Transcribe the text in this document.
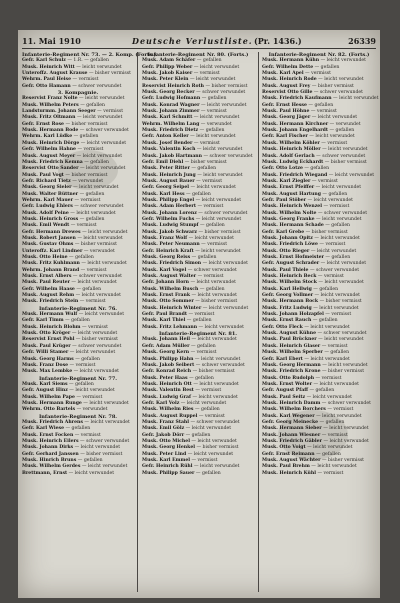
11. Mai 1910	Deutsche Verlustliste. (Pr. 1436.)	26339
Infanterie-Regiment Nr. 73. — 2. Komp. (Forts.)
Gefr. Karl Schulz — 1.R. — gefallen
Musk. Heinrich Witt — leicht verwundet
Unteroffz. August Krause — bisher vermisst
Wehrm. Paul Heise — vermisst
Gefr. Otto Hamann — schwer verwundet
3. Kompagnie.
Reservist Franz Nolte — leicht verwundet
Musk. Wilhelm Peters — gefallen
Landsturmm. Johann Seeger — vermisst
Musk. Fritz Oltmann — leicht verwundet
Gefr. Ernst Rose — bisher vermisst
Musk. Hermann Bode — schwer verwundet
Wehrm. Karl Lüdke — gefallen
Musk. Heinrich Dörge — leicht verwundet
Gefr. Wilhelm Hahne — vermisst
Musk. August Meyer — leicht verwundet
Musk. Friedrich Kemna — gefallen
Reservist Otto Sander — leicht verwundet
Musk. Paul Vogt — bisher vermisst
Gefr. Richard Tietz — verwundet
Musk. Georg Sieler — leicht verwundet
Musk. Walter Büttner — gefallen
Wehrm. Karl Mauer — vermisst
Gefr. Ludwig Ehlers — schwer verwundet
Musk. Adolf Peine — leicht verwundet
Musk. Heinrich Gross — gefallen
Musk. Emil Wendt — vermisst
Gefr. Hermann Drewes — leicht verwundet
Musk. Robert Jansen — leicht verwundet
Musk. Gustav Ohms — bisher vermisst
Unteroffz. Karl Lindner — verwundet
Musk. Otto Heine — gefallen
Musk. Fritz Kuhlmann — leicht verwundet
Wehrm. Johann Brand — vermisst
Musk. Ernst Albers — schwer verwundet
Musk. Paul Reuter — leicht verwundet
Gefr. Wilhelm Haase — gefallen
Musk. August Rehm — leicht verwundet
Musk. Friedrich Stein — vermisst
Infanterie-Regiment Nr. 76.
Musk. Hermann Wulf — leicht verwundet
Gefr. Karl Timm — gefallen
Musk. Heinrich Blohm — vermisst
Musk. Otto Kröger — leicht verwundet
Reservist Ernst Pohl — bisher vermisst
Musk. Paul Krüger — schwer verwundet
Gefr. Willi Stamer — leicht verwundet
Musk. Georg Harms — gefallen
Musk. Franz Dose — vermisst
Musk. Max Lembke — leicht verwundet
Infanterie-Regiment Nr. 77.
Musk. Karl Siems — gefallen
Gefr. August Hinz — leicht verwundet
Musk. Wilhelm Pape — vermisst
Musk. Hermann Runge — leicht verwundet
Wehrm. Otto Bartels — verwundet
Infanterie-Regiment Nr. 78.
Musk. Friedrich Ahrens — leicht verwundet
Gefr. Karl Wiese — gefallen
Musk. Ernst Focken — vermisst
Musk. Heinrich Eilers — schwer verwundet
Musk. Johann Dirks — leicht verwundet
Gefr. Gerhard Janssen — bisher vermisst
Musk. Hinrich Bruns — gefallen
Musk. Wilhelm Gerdes — leicht verwundet
Brettmann, Ernst — leicht verwundet
Infanterie-Regiment Nr. 80. (Forts.)
Musk. Adam Schäfer — gefallen
Gefr. Philipp Weber — leicht verwundet
Musk. Jakob Kaiser — vermisst
Musk. Peter Klein — leicht verwundet
Reservist Heinrich Roth — bisher vermisst
Musk. Georg Becker — schwer verwundet
Gefr. Ludwig Hofmann — gefallen
Musk. Konrad Wagner — leicht verwundet
Musk. Johann Zimmer — vermisst
Musk. Karl Schmitt — leicht verwundet
Wehrm. Wilhelm Lang — verwundet
Musk. Friedrich Dietz — gefallen
Gefr. Anton Keller — leicht verwundet
Musk. Josef Bender — vermisst
Musk. Valentin Koch — leicht verwundet
Musk. Jakob Hartmann — schwer verwundet
Gefr. Emil Diehl — bisher vermisst
Musk. Peter Ritter — gefallen
Musk. Heinrich Jung — leicht verwundet
Musk. August Bauer — vermisst
Gefr. Georg Seipel — leicht verwundet
Musk. Karl Hess — gefallen
Musk. Philipp Engel — leicht verwundet
Musk. Adam Herbert — vermisst
Musk. Johann Lorenz — schwer verwundet
Gefr. Wilhelm Fuchs — leicht verwundet
Musk. Ludwig Stumpf — gefallen
Musk. Jakob Schwarz — bisher vermisst
Musk. Franz Wolf — leicht verwundet
Musk. Peter Neumann — vermisst
Gefr. Heinrich Kraft — leicht verwundet
Musk. Georg Reiss — gefallen
Musk. Friedrich Simon — leicht verwundet
Musk. Karl Vogel — schwer verwundet
Musk. August Walter — vermisst
Gefr. Johann Horn — leicht verwundet
Musk. Wilhelm Busch — gefallen
Musk. Ernst Frank — leicht verwundet
Musk. Otto Sommer — bisher vermisst
Musk. Heinrich Winter — leicht verwundet
Gefr. Paul Brandt — vermisst
Musk. Karl Thiel — gefallen
Musk. Fritz Lehmann — leicht verwundet
Infanterie-Regiment Nr. 81.
Musk. Johann Heil — leicht verwundet
Gefr. Adam Müller — gefallen
Musk. Georg Kern — vermisst
Musk. Philipp Hahn — leicht verwundet
Musk. Jakob Seibert — schwer verwundet
Gefr. Konrad Reich — bisher vermisst
Musk. Peter Haas — gefallen
Musk. Heinrich Ott — leicht verwundet
Musk. Valentin Best — vermisst
Musk. Ludwig Graf — leicht verwundet
Gefr. Karl Volz — leicht verwundet
Musk. Wilhelm Ries — gefallen
Musk. August Ruppel — vermisst
Musk. Franz Stahl — schwer verwundet
Musk. Emil Gölz — leicht verwundet
Gefr. Jakob Dörr — gefallen
Musk. Otto Michel — leicht verwundet
Musk. Georg Henkel — bisher vermisst
Musk. Peter Lind — leicht verwundet
Musk. Karl Emmel — vermisst
Gefr. Heinrich Rühl — leicht verwundet
Musk. Philipp Sauer — gefallen
Infanterie-Regiment Nr. 82. (Forts.)
Musk. Hermann Kühn — leicht verwundet
Gefr. Wilhelm Dette — gefallen
Musk. Karl Apel — vermisst
Musk. Heinrich Rode — leicht verwundet
Musk. August Frey — bisher vermisst
Reservist Otto Gille — schwer verwundet
Musk. Friedrich Kaufmann — leicht verwundet
Gefr. Ernst Hesse — gefallen
Musk. Paul Höhne — vermisst
Musk. Georg Jäger — leicht verwundet
Musk. Hermann Kirchner — verwundet
Musk. Johann Engelhardt — gefallen
Gefr. Karl Fischer — leicht verwundet
Musk. Wilhelm Köhler — vermisst
Musk. Heinrich Möller — leicht verwundet
Musk. Adolf Gerlach — schwer verwundet
Musk. Ludwig Eckhardt — bisher vermisst
Gefr. Otto Lotze — gefallen
Musk. Friedrich Wiegand — leicht verwundet
Musk. Karl Ziegler — vermisst
Musk. Ernst Pfeiffer — leicht verwundet
Musk. August Hartung — gefallen
Gefr. Paul Stöber — leicht verwundet
Musk. Heinrich Wenzel — vermisst
Musk. Wilhelm Nolte — schwer verwundet
Musk. Georg Franke — leicht verwundet
Musk. Hermann Schade — gefallen
Gefr. Karl Grebe — bisher vermisst
Musk. Johann Opitz — leicht verwundet
Musk. Friedrich Löwe — vermisst
Musk. Otto Rieger — leicht verwundet
Musk. Ernst Hofmeister — gefallen
Gefr. August Schrader — leicht verwundet
Musk. Paul Thiele — schwer verwundet
Musk. Heinrich Beck — vermisst
Musk. Wilhelm Stock — leicht verwundet
Musk. Karl Hellwig — gefallen
Gefr. Georg Vollmer — leicht verwundet
Musk. Hermann Bock — bisher vermisst
Musk. Fritz Ludwig — leicht verwundet
Musk. Johann Holzapfel — vermisst
Musk. Ernst Rauch — gefallen
Gefr. Otto Fleck — leicht verwundet
Musk. August Kühne — schwer verwundet
Musk. Paul Brückner — leicht verwundet
Musk. Heinrich Glaser — vermisst
Musk. Wilhelm Sperber — gefallen
Gefr. Karl Ebert — leicht verwundet
Musk. Georg Hermann — leicht verwundet
Musk. Friedrich Krone — bisher vermisst
Musk. Otto Rudolph — vermisst
Musk. Ernst Wolter — leicht verwundet
Gefr. August Pfaff — gefallen
Musk. Paul Seitz — leicht verwundet
Musk. Heinrich Damm — schwer verwundet
Musk. Wilhelm Borchers — vermisst
Musk. Karl Wegener — leicht verwundet
Gefr. Georg Meinecke — gefallen
Musk. Hermann Sieber — leicht verwundet
Musk. Johann Wiesner — vermisst
Musk. Friedrich Gäbler — leicht verwundet
Musk. Otto Voigt — leicht verwundet
Gefr. Ernst Reimann — gefallen
Musk. August Wächter — bisher vermisst
Musk. Paul Brehm — leicht verwundet
Musk. Heinrich Kühl — vermisst
